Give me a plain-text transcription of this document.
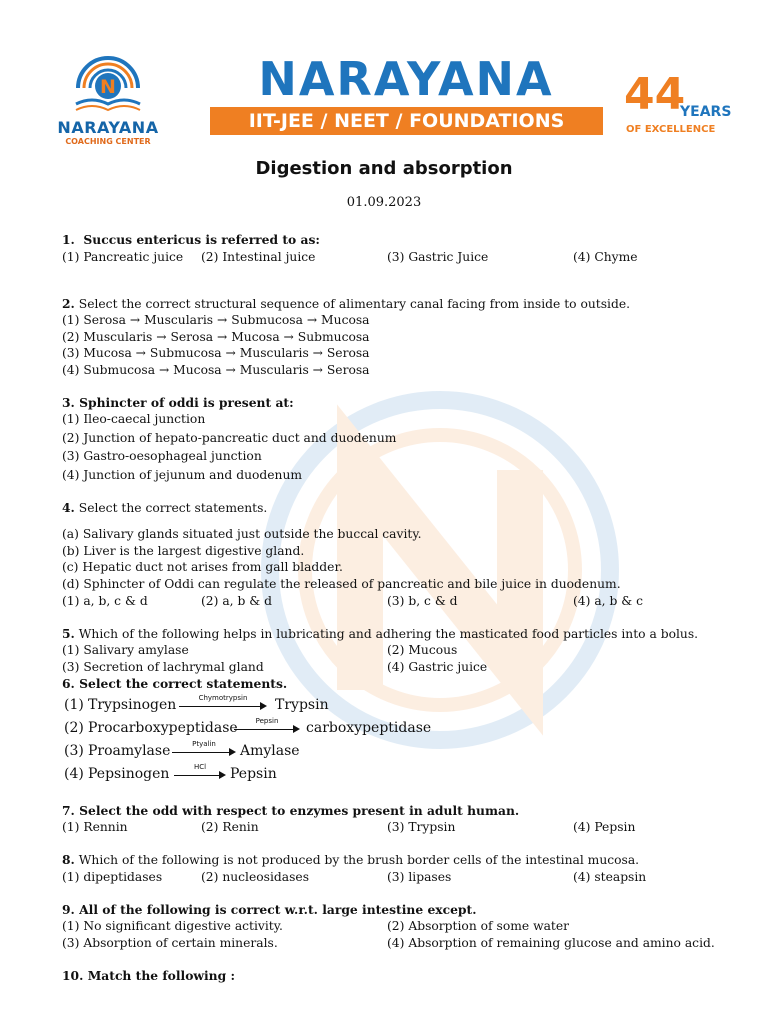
N
NARAYANA
COACHING CENTER
NARAYANA
IIT-JEE / NEET / FOUNDATIONS
44
YEARS
OF EXCELLENCE
Digestion and absorption
01.09.2023
1. Succus entericus is referred to as:
(1) Pancreatic juice (2) Intestinal juice	(3) Gastric Juice	(4) Chyme
2. Select the correct structural sequence of alimentary canal facing from inside to outside.
(1) Serosa → Muscularis → Submucosa → Mucosa
(2) Muscularis → Serosa → Mucosa → Submucosa
(3) Mucosa → Submucosa → Muscularis → Serosa
(4) Submucosa → Mucosa → Muscularis → Serosa
3. Sphincter of oddi is present at:
(1) Ileo-caecal junction
(2) Junction of hepato-pancreatic duct and duodenum
(3) Gastro-oesophageal junction
(4) Junction of jejunum and duodenum
4. Select the correct statements.
(a) Salivary glands situated just outside the buccal cavity.
(b) Liver is the largest digestive gland.
(c) Hepatic duct not arises from gall bladder.
(d) Sphincter of Oddi can regulate the released of pancreatic and bile juice in duodenum.
(1) a, b, c & d	(2) a, b & d	(3) b, c & d	(4) a, b & c
5. Which of the following helps in lubricating and adhering the masticated food particles into a bolus.
(1) Salivary amylase	(2) Mucous
(3) Secretion of lachrymal gland	(4) Gastric juice
6. Select the correct statements.
(1) Trypsinogen	Chymotrypsin	Trypsin
(2) Procarboxypeptidase	Pepsin	carboxypeptidase
(3) Proamylase	Ptyalin	Amylase
(4) Pepsinogen	HCl	Pepsin
7. Select the odd with respect to enzymes present in adult human.
(1) Rennin	(2) Renin	(3) Trypsin	(4) Pepsin
8. Which of the following is not produced by the brush border cells of the intestinal mucosa.
(1) dipeptidases	(2) nucleosidases	(3) lipases	(4) steapsin
9. All of the following is correct w.r.t. large intestine except.
(1) No significant digestive activity.	(2) Absorption of some water
(3) Absorption of certain minerals.	(4) Absorption of remaining glucose and amino acid.
10. Match the following :
